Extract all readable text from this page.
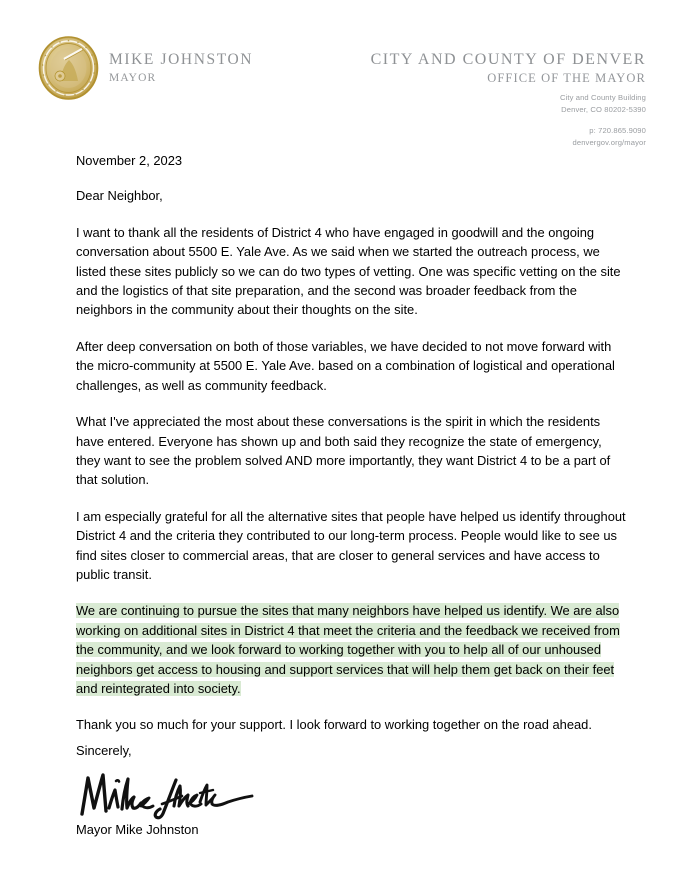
MIKE JOHNSTON
MAYOR
CITY AND COUNTY OF DENVER
OFFICE OF THE MAYOR
City and County Building
Denver, CO 80202-5390
p: 720.865.9090
denvergov.org/mayor
November 2, 2023
Dear Neighbor,

I want to thank all the residents of District 4 who have engaged in goodwill and the ongoing conversation about 5500 E. Yale Ave. As we said when we started the outreach process, we listed these sites publicly so we can do two types of vetting. One was specific vetting on the site and the logistics of that site preparation, and the second was broader feedback from the neighbors in the community about their thoughts on the site.

After deep conversation on both of those variables, we have decided to not move forward with the micro-community at 5500 E. Yale Ave. based on a combination of logistical and operational challenges, as well as community feedback.

What I've appreciated the most about these conversations is the spirit in which the residents have entered. Everyone has shown up and both said they recognize the state of emergency, they want to see the problem solved AND more importantly, they want District 4 to be a part of that solution.

I am especially grateful for all the alternative sites that people have helped us identify throughout District 4 and the criteria they contributed to our long-term process. People would like to see us find sites closer to commercial areas, that are closer to general services and have access to public transit.

We are continuing to pursue the sites that many neighbors have helped us identify. We are also working on additional sites in District 4 that meet the criteria and the feedback we received from the community, and we look forward to working together with you to help all of our unhoused neighbors get access to housing and support services that will help them get back on their feet and reintegrated into society.

Thank you so much for your support. I look forward to working together on the road ahead.

Sincerely,

Mayor Mike Johnston
